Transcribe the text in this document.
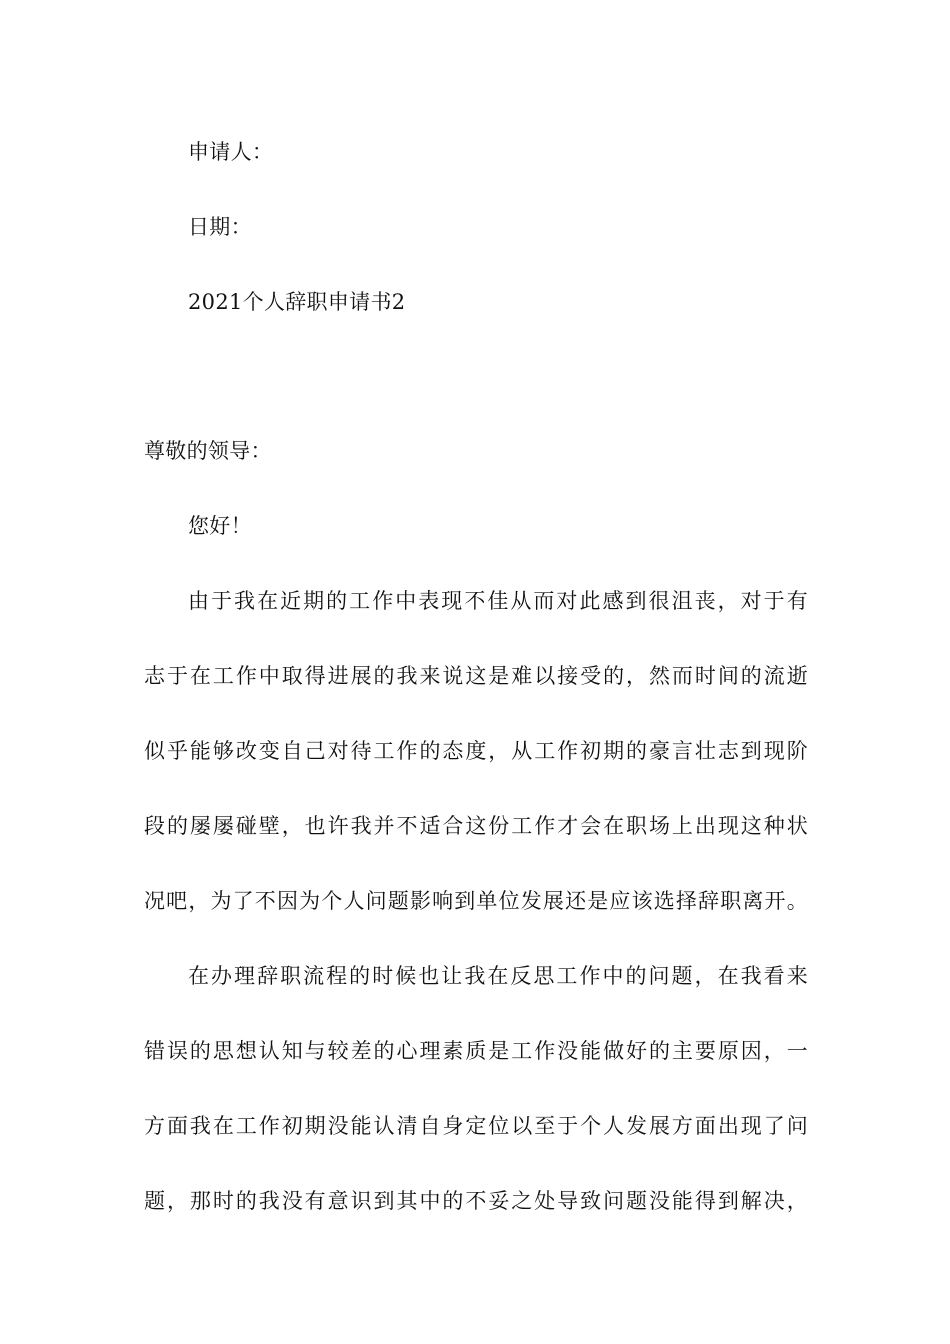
申请人：
日期：
2021个人辞职申请书2
尊敬的领导：
您好！
由于我在近期的工作中表现不佳从而对此感到很沮丧，对于有
志于在工作中取得进展的我来说这是难以接受的，然而时间的流逝
似乎能够改变自己对待工作的态度，从工作初期的豪言壮志到现阶
段的屡屡碰壁，也许我并不适合这份工作才会在职场上出现这种状
况吧，为了不因为个人问题影响到单位发展还是应该选择辞职离开。
在办理辞职流程的时候也让我在反思工作中的问题，在我看来
错误的思想认知与较差的心理素质是工作没能做好的主要原因，一
方面我在工作初期没能认清自身定位以至于个人发展方面出现了问
题，那时的我没有意识到其中的不妥之处导致问题没能得到解决，
